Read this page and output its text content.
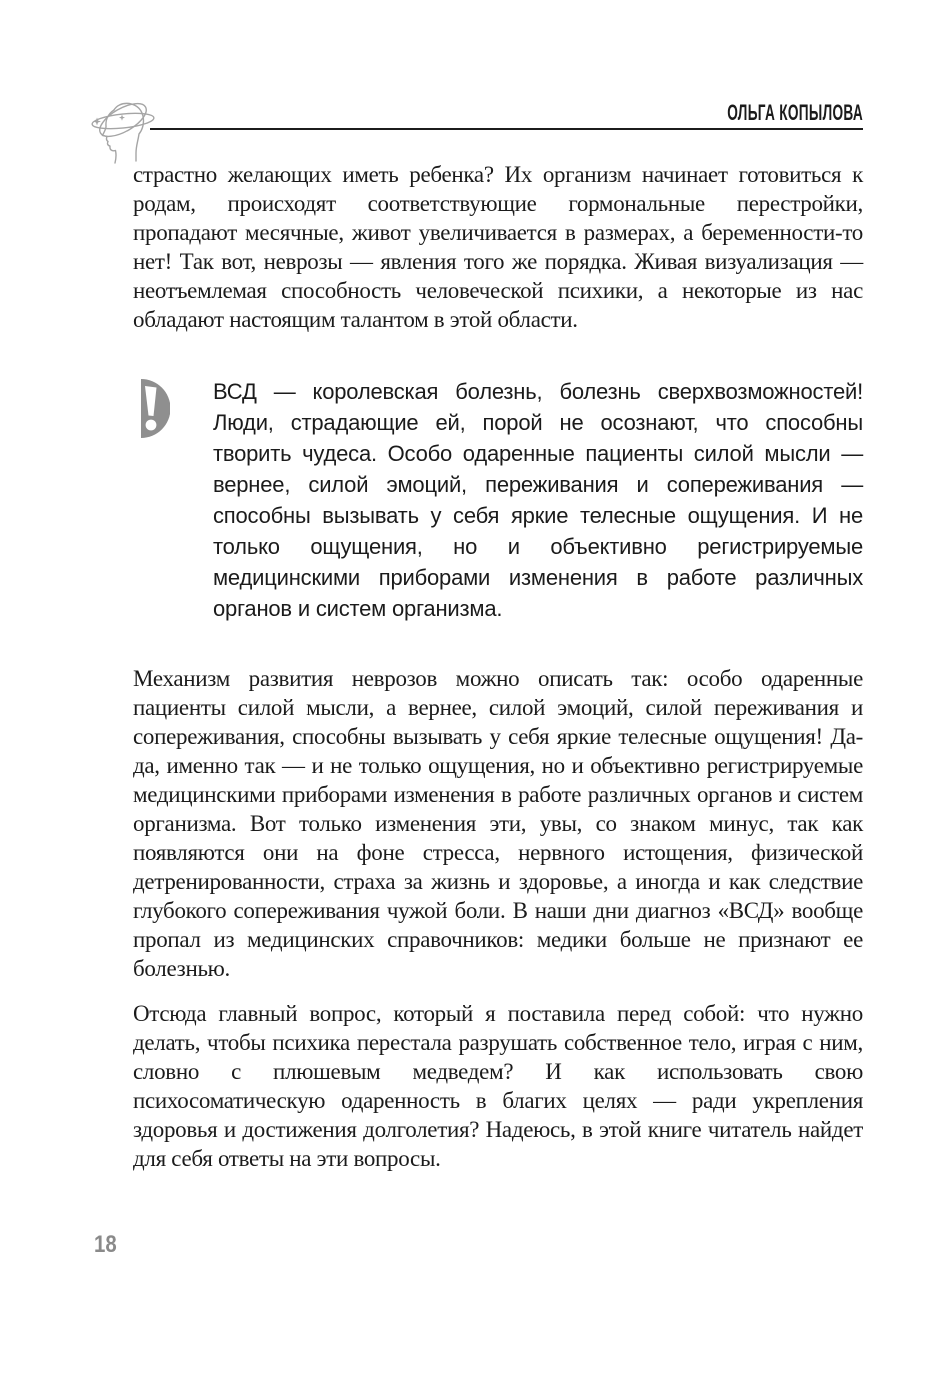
ОЛЬГА КОПЫЛОВА

страстно желающих иметь ребенка? Их организм начинает готовиться к родам, происходят соответствующие гормональные перестройки, пропадают месячные, живот увеличивается в размерах, а беременности-то нет! Так вот, неврозы — явления того же порядка. Живая визуализация — неотъемлемая способность человеческой психики, а некоторые из нас обладают настоящим талантом в этой области.

ВСД — королевская болезнь, болезнь сверхвозможностей! Люди, страдающие ей, порой не осознают, что способны творить чудеса. Особо одаренные пациенты силой мысли — вернее, силой эмоций, переживания и сопереживания — способны вызывать у себя яркие телесные ощущения. И не только ощущения, но и объективно регистрируемые медицинскими приборами изменения в работе различных органов и систем организма.

Механизм развития неврозов можно описать так: особо одаренные пациенты силой мысли, а вернее, силой эмоций, силой переживания и сопереживания, способны вызывать у себя яркие телесные ощущения! Да-да, именно так — и не только ощущения, но и объективно регистрируемые медицинскими приборами изменения в работе различных органов и систем организма. Вот только изменения эти, увы, со знаком минус, так как появляются они на фоне стресса, нервного истощения, физической детренированности, страха за жизнь и здоровье, а иногда и как следствие глубокого сопереживания чужой боли. В наши дни диагноз «ВСД» вообще пропал из медицинских справочников: медики больше не признают ее болезнью.

Отсюда главный вопрос, который я поставила перед собой: что нужно делать, чтобы психика перестала разрушать собственное тело, играя с ним, словно с плюшевым медведем? И как использовать свою психосоматическую одаренность в благих целях — ради укрепления здоровья и достижения долголетия? Надеюсь, в этой книге читатель найдет для себя ответы на эти вопросы.

18
